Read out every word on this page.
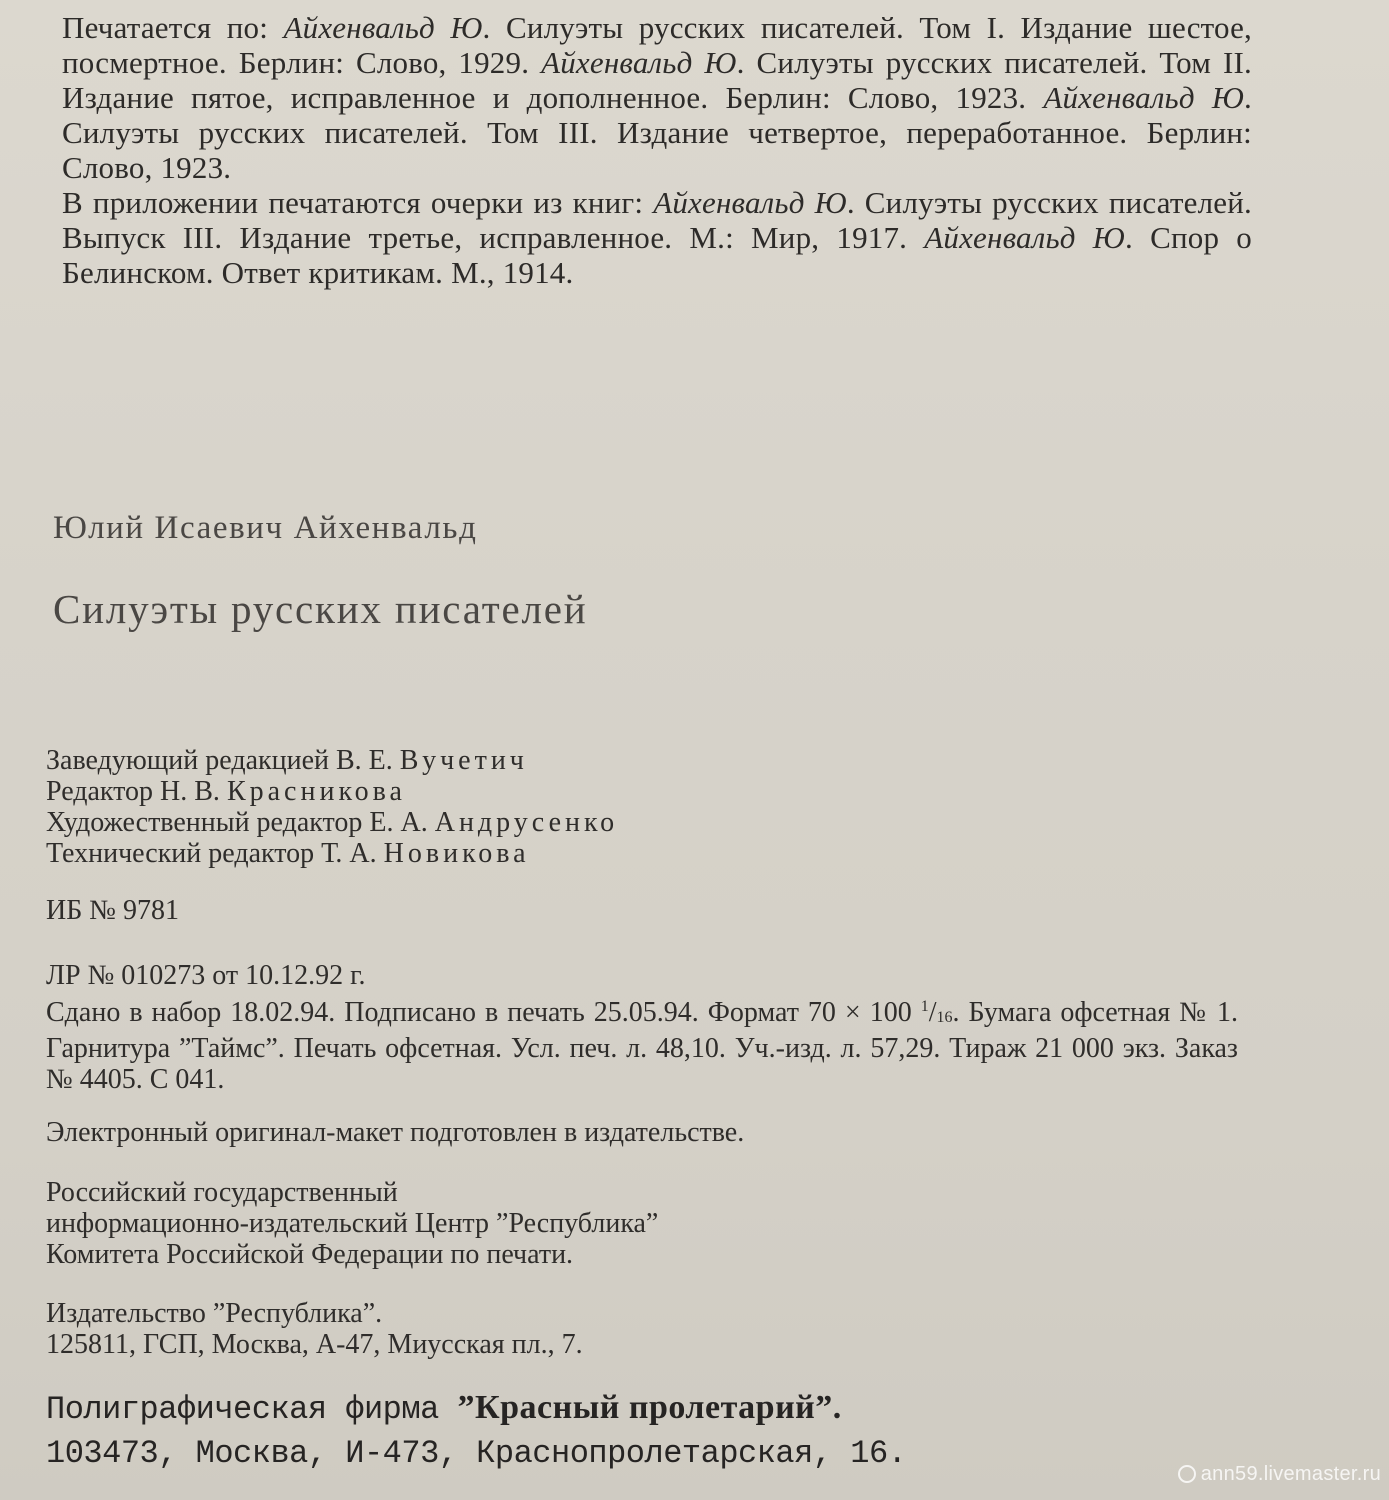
Печатается по: Айхенвальд Ю. Силуэты русских писателей. Том I. Издание шестое, посмертное. Берлин: Слово, 1929. Айхенвальд Ю. Силуэты русских писателей. Том II. Издание пятое, исправленное и дополненное. Берлин: Слово, 1923. Айхенвальд Ю. Силуэты русских писателей. Том III. Издание четвертое, переработанное. Берлин: Слово, 1923.

В приложении печатаются очерки из книг: Айхенвальд Ю. Силуэты русских писателей. Выпуск III. Издание третье, исправленное. М.: Мир, 1917. Айхенвальд Ю. Спор о Белинском. Ответ критикам. М., 1914.

Юлий Исаевич Айхенвальд
Силуэты русских писателей
Заведующий редакцией В. Е. Вучетич
Редактор Н. В. Красникова
Художественный редактор Е. А. Андрусенко
Технический редактор Т. А. Новикова
ИБ № 9781
ЛР № 010273 от 10.12.92 г.
Сдано в набор 18.02.94. Подписано в печать 25.05.94. Формат 70 × 100 $^1/_{16}$. Бумага офсетная № 1. Гарнитура ”Таймс”. Печать офсетная. Усл. печ. л. 48,10. Уч.-изд. л. 57,29. Тираж 21 000 экз. Заказ № 4405. С 041.
Электронный оригинал-макет подготовлен в издательстве.
Российский государственный
информационно-издательский Центр ”Республика”
Комитета Российской Федерации по печати.
Издательство ”Республика”.
125811, ГСП, Москва, А-47, Миусская пл., 7.
Полиграфическая фирма ”Красный пролетарий”.
103473, Москва, И-473, Краснопролетарская, 16.
ann59.livemaster.ru
